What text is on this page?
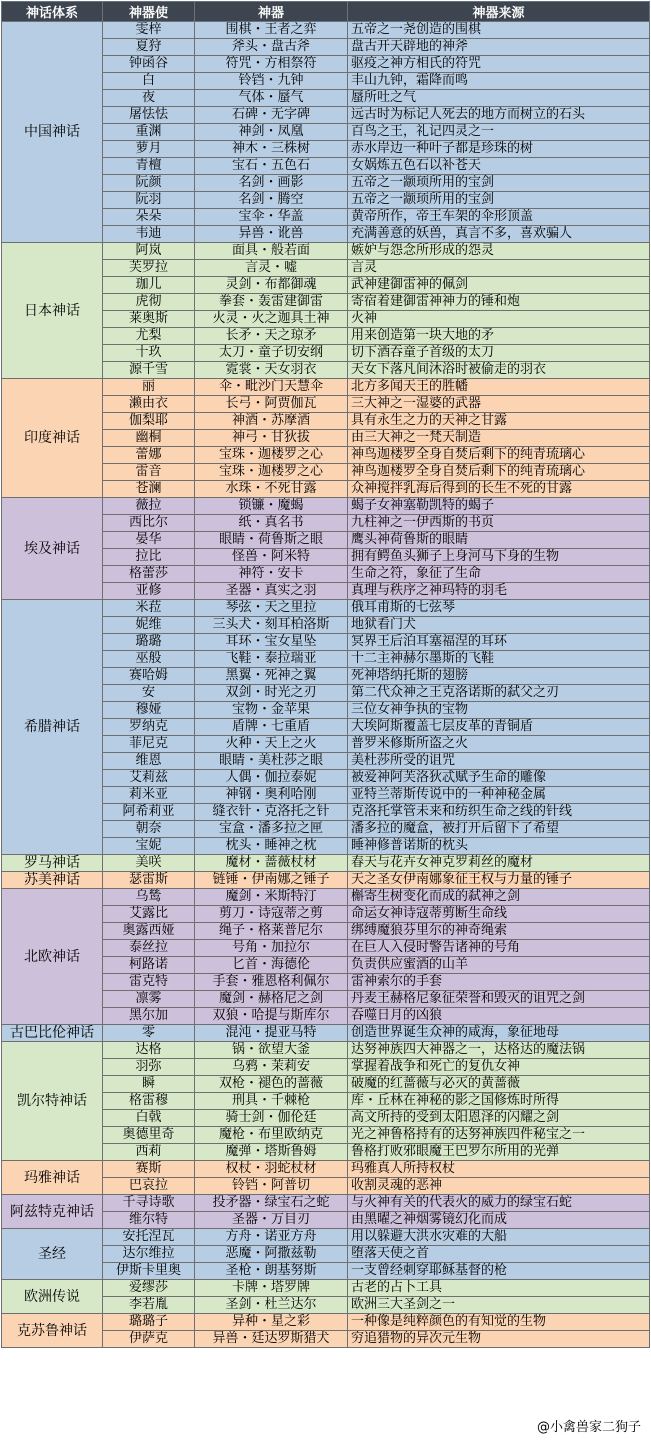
神话体系	神器使	神器	神器来源
中国神话	雯梓	围棋・王者之弈	五帝之一尧创造的围棋
	夏狩	斧头・盘古斧	盘古开天辟地的神斧
	钟函谷	符咒・方相祭符	驱疫之神方相氏的符咒
	白	铃铛・九钟	丰山九钟，霜降而鸣
	夜	气体・蜃气	蜃所吐之气
	屠怯怯	石碑・无字碑	远古时为标记人死去的地方而树立的石头
	重渊	神剑・凤凰	百鸟之王，礼记四灵之一
	萝月	神木・三株树	赤水岸边一种叶子都是珍珠的树
	青檀	宝石・五色石	女娲炼五色石以补苍天
	阮颜	名剑・画影	五帝之一颛顼所用的宝剑
	阮羽	名剑・腾空	五帝之一颛顼所用的宝剑
	朵朵	宝伞・华盖	黄帝所作，帝王车架的伞形顶盖
	韦迪	异兽・讹兽	充满善意的妖兽，真言不多，喜欢骗人
日本神话	阿岚	面具・般若面	嫉妒与怨念所形成的怨灵
	芙罗拉	言灵・嘘	言灵
	珈儿	灵剑・布都御魂	武神建御雷神的佩剑
	虎彻	拳套・轰雷建御雷	寄宿着建御雷神神力的锤和炮
	莱奥斯	火灵・火之迦具土神	火神
	尤梨	长矛・天之琼矛	用来创造第一块大地的矛
	十玖	太刀・童子切安纲	切下酒吞童子首级的太刀
	源千雪	霓裳・天女羽衣	天女下落凡间沐浴时被偷走的羽衣
印度神话	丽	伞・毗沙门天慧伞	北方多闻天王的胜幡
	濑由衣	长弓・阿贾伽瓦	三大神之一湿婆的武器
	伽梨耶	神酒・苏摩酒	具有永生之力的天神之甘露
	幽桐	神弓・甘狄拔	由三大神之一梵天制造
	蕾娜	宝珠・迦楼罗之心	神鸟迦楼罗全身自焚后剩下的纯青琉璃心
	雷音	宝珠・迦楼罗之心	神鸟迦楼罗全身自焚后剩下的纯青琉璃心
	苍澜	水珠・不死甘露	众神搅拌乳海后得到的长生不死的甘露
埃及神话	薇拉	锁镰・魔蝎	蝎子女神塞勒凯特的蝎子
	西比尔	纸・真名书	九柱神之一伊西斯的书页
	晏华	眼睛・荷鲁斯之眼	鹰头神荷鲁斯的眼睛
	拉比	怪兽・阿米特	拥有鳄鱼头狮子上身河马下身的生物
	格蕾莎	神符・安卡	生命之符，象征了生命
	亚修	圣器・真实之羽	真理与秩序之神玛特的羽毛
希腊神话	米菈	琴弦・天之里拉	俄耳甫斯的七弦琴
	妮维	三头犬・刻耳柏洛斯	地狱看门犬
	璐璐	耳环・宝女星坠	冥界王后泊耳塞福涅的耳环
	巫般	飞鞋・泰拉瑞亚	十二主神赫尔墨斯的飞鞋
	赛哈姆	黑翼・死神之翼	死神塔纳托斯的翅膀
	安	双剑・时光之刃	第二代众神之王克洛诺斯的弑父之刃
	穆娅	宝物・金苹果	三位女神争执的宝物
	罗纳克	盾牌・七重盾	大埃阿斯覆盖七层皮革的青铜盾
	菲尼克	火种・天上之火	普罗米修斯所盗之火
	维恩	眼睛・美杜莎之眼	美杜莎所受的诅咒
	艾莉兹	人偶・伽拉泰妮	被爱神阿芙洛狄忒赋予生命的雕像
	莉米亚	神钢・奥利哈刚	亚特兰蒂斯传说中的一种神秘金属
	阿希莉亚	缝衣针・克洛托之针	克洛托掌管未来和纺织生命之线的针线
	朝奈	宝盒・潘多拉之匣	潘多拉的魔盒，被打开后留下了希望
	宝妮	枕头・睡神之枕	睡神修普诺斯的枕头
罗马神话	美咲	魔材・蔷薇杖材	春天与花卉女神克罗莉丝的魔材
苏美神话	瑟雷斯	链锤・伊南娜之锤子	天之圣女伊南娜象征王权与力量的锤子
北欧神话	乌鸶	魔剑・米斯特汀	槲寄生树变化而成的弑神之剑
	艾露比	剪刀・诗寇蒂之剪	命运女神诗寇蒂剪断生命线
	奥露西娅	绳子・格莱普尼尔	绑缚魔狼芬里尔的神奇绳索
	泰丝拉	号角・加拉尔	在巨人入侵时警告诸神的号角
	柯路诺	匕首・海德伦	负责供应蜜酒的山羊
	雷克特	手套・雅恩格利佩尔	雷神索尔的手套
	凛雾	魔剑・赫格尼之剑	丹麦王赫格尼象征荣誉和毁灭的诅咒之剑
	黑尔加	双狼・哈提与斯库尔	吞噬日月的凶狼
古巴比伦神话	零	混沌・提亚马特	创造世界诞生众神的咸海，象征地母
凯尔特神话	达格	锅・欲望大釜	达努神族四大神器之一，达格达的魔法锅
	羽弥	乌鸦・茉莉安	掌握着战争和死亡的复仇女神
	瞬	双枪・褪色的蔷薇	破魔的红蔷薇与必灭的黄蔷薇
	格雷穆	刑具・千棘枪	库・丘林在神秘的影之国修炼时所得
	白戟	骑士剑・伽伦廷	高文所持的受到太阳恩泽的闪耀之剑
	奥德里奇	魔枪・布里欧纳克	光之神鲁格持有的达努神族四件秘宝之一
	西莉	魔弹・塔斯鲁姆	鲁格打败邪眼魔王巴罗尔所用的光弹
玛雅神话	赛斯	权杖・羽蛇杖材	玛雅真人所持权杖
	巴哀拉	铃铛・阿普切	收割灵魂的恶神
阿兹特克神话	千寻诗歌	投矛器・绿宝石之蛇	与火神有关的代表火的威力的绿宝石蛇
	维尔特	圣器・万目刃	由黑曜之神烟雾镜幻化而成
圣经	安托涅瓦	方舟・诺亚方舟	用以躲避大洪水灾难的大船
	达尔维拉	恶魔・阿撒兹勒	堕落天使之首
	伊斯卡里奥	圣枪・朗基努斯	一支曾经刺穿耶稣基督的枪
欧洲传说	爱缪莎	卡牌・塔罗牌	古老的占卜工具
	李若胤	圣剑・杜兰达尔	欧洲三大圣剑之一
克苏鲁神话	璐璐子	异种・星之彩	一种像是纯粹颜色的有知觉的生物
	伊萨克	异兽・廷达罗斯猎犬	穷追猎物的异次元生物
@小禽兽家二狗子
